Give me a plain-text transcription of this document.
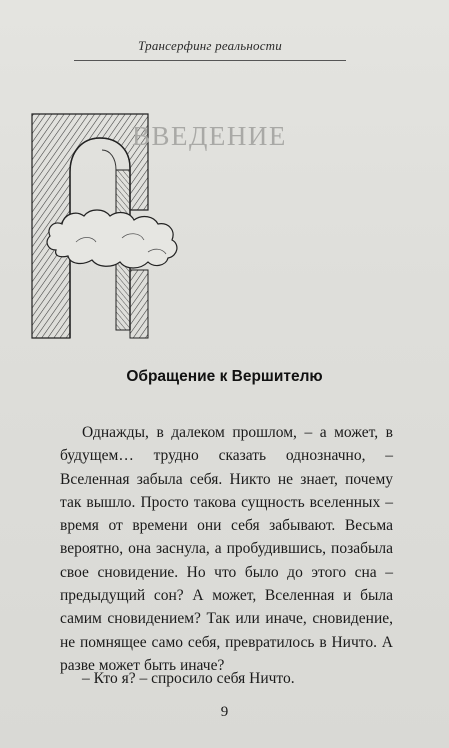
Трансерфинг реальности
ВВЕДЕНИЕ
Обращение к Вершителю

Однажды, в далеком прошлом, – а может, в будущем… трудно сказать однозначно, – Вселенная забыла себя. Никто не знает, почему так вышло. Просто такова сущность вселенных – время от времени они себя забывают. Весьма вероятно, она заснула, а пробудившись, позабыла свое сновидение. Но что было до этого сна – предыдущий сон? А может, Вселенная и была самим сновидением? Так или иначе, сновидение, не помнящее само себя, превратилось в Ничто. А разве может быть иначе?

– Кто я? – спросило себя Ничто.
9
